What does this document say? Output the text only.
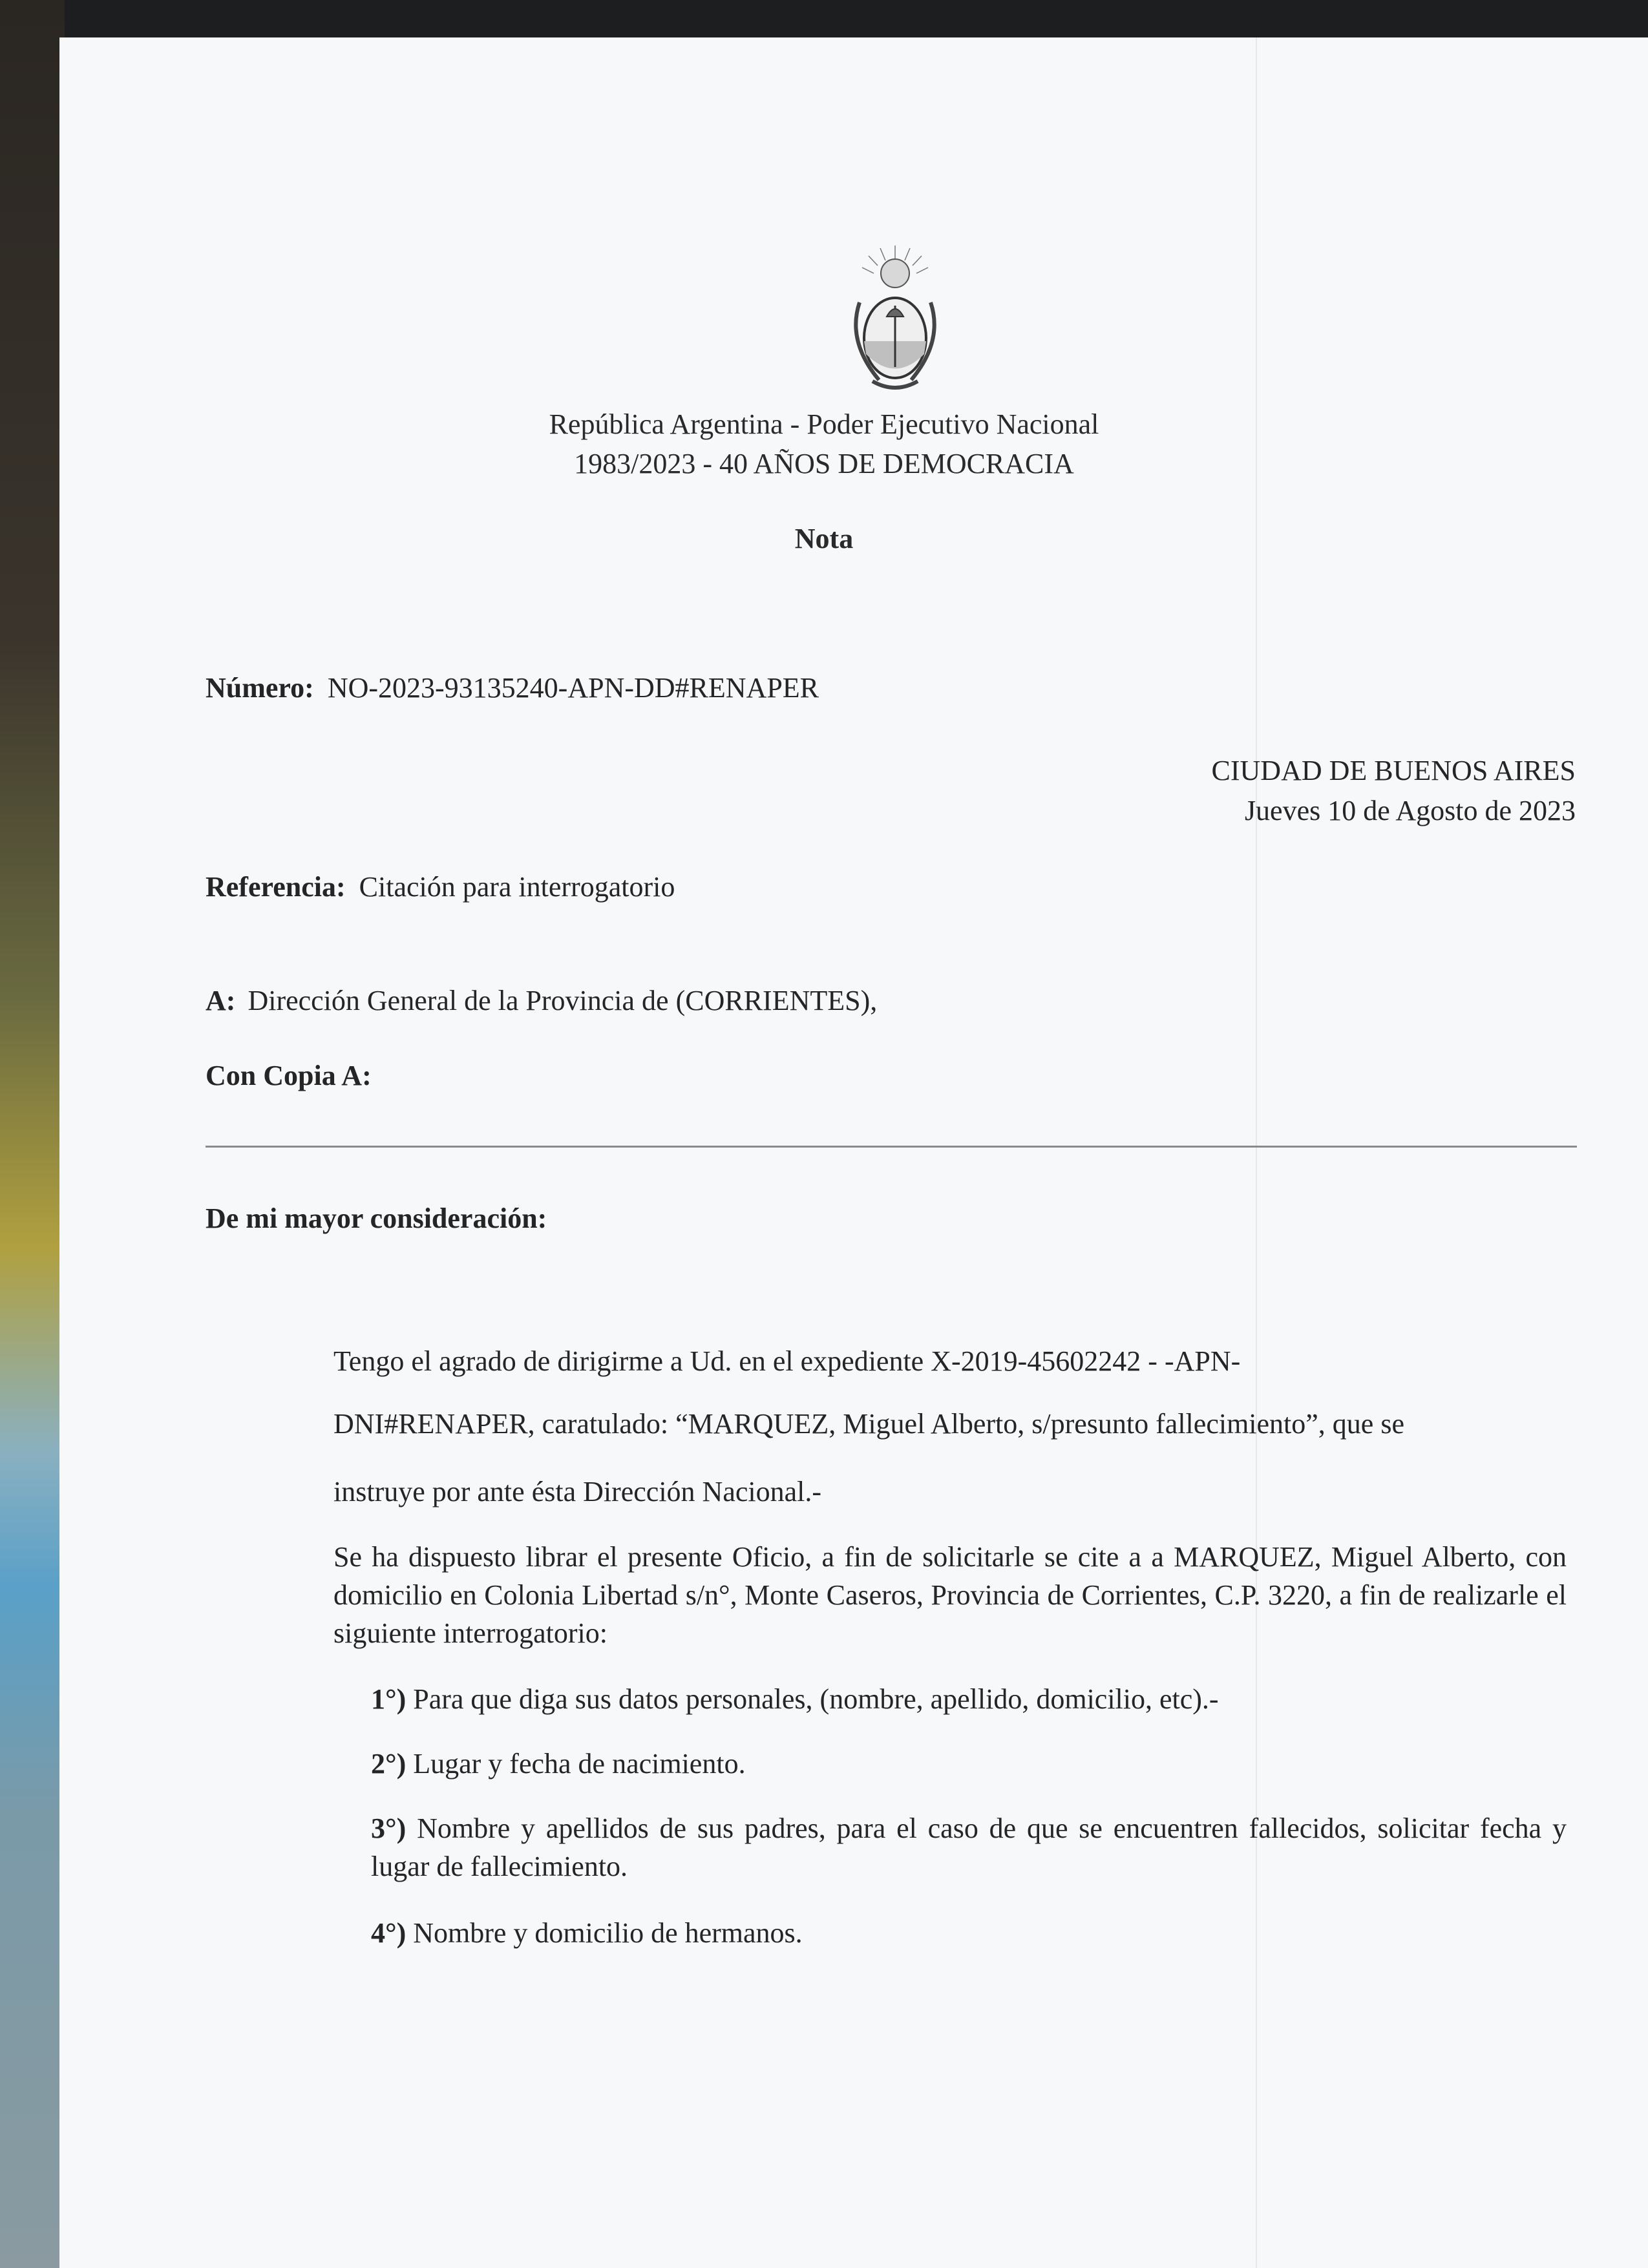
República Argentina - Poder Ejecutivo Nacional
1983/2023 - 40 AÑOS DE DEMOCRACIA
Nota
Número: NO-2023-93135240-APN-DD#RENAPER
CIUDAD DE BUENOS AIRES
Jueves 10 de Agosto de 2023
Referencia: Citación para interrogatorio
A: Dirección General de la Provincia de (CORRIENTES),
Con Copia A:
De mi mayor consideración:
Tengo el agrado de dirigirme a Ud. en el expediente X-2019-45602242 - -APN-
DNI#RENAPER, caratulado: “MARQUEZ, Miguel Alberto, s/presunto fallecimiento”, que se
instruye por ante ésta Dirección Nacional.-
Se ha dispuesto librar el presente Oficio, a fin de solicitarle se cite a a MARQUEZ, Miguel Alberto, con domicilio en Colonia Libertad s/n°, Monte Caseros, Provincia de Corrientes, C.P. 3220, a fin de realizarle el siguiente interrogatorio:
1°) Para que diga sus datos personales, (nombre, apellido, domicilio, etc).-
2°) Lugar y fecha de nacimiento.
3°) Nombre y apellidos de sus padres, para el caso de que se encuentren fallecidos, solicitar fecha y lugar de fallecimiento.
4°) Nombre y domicilio de hermanos.
